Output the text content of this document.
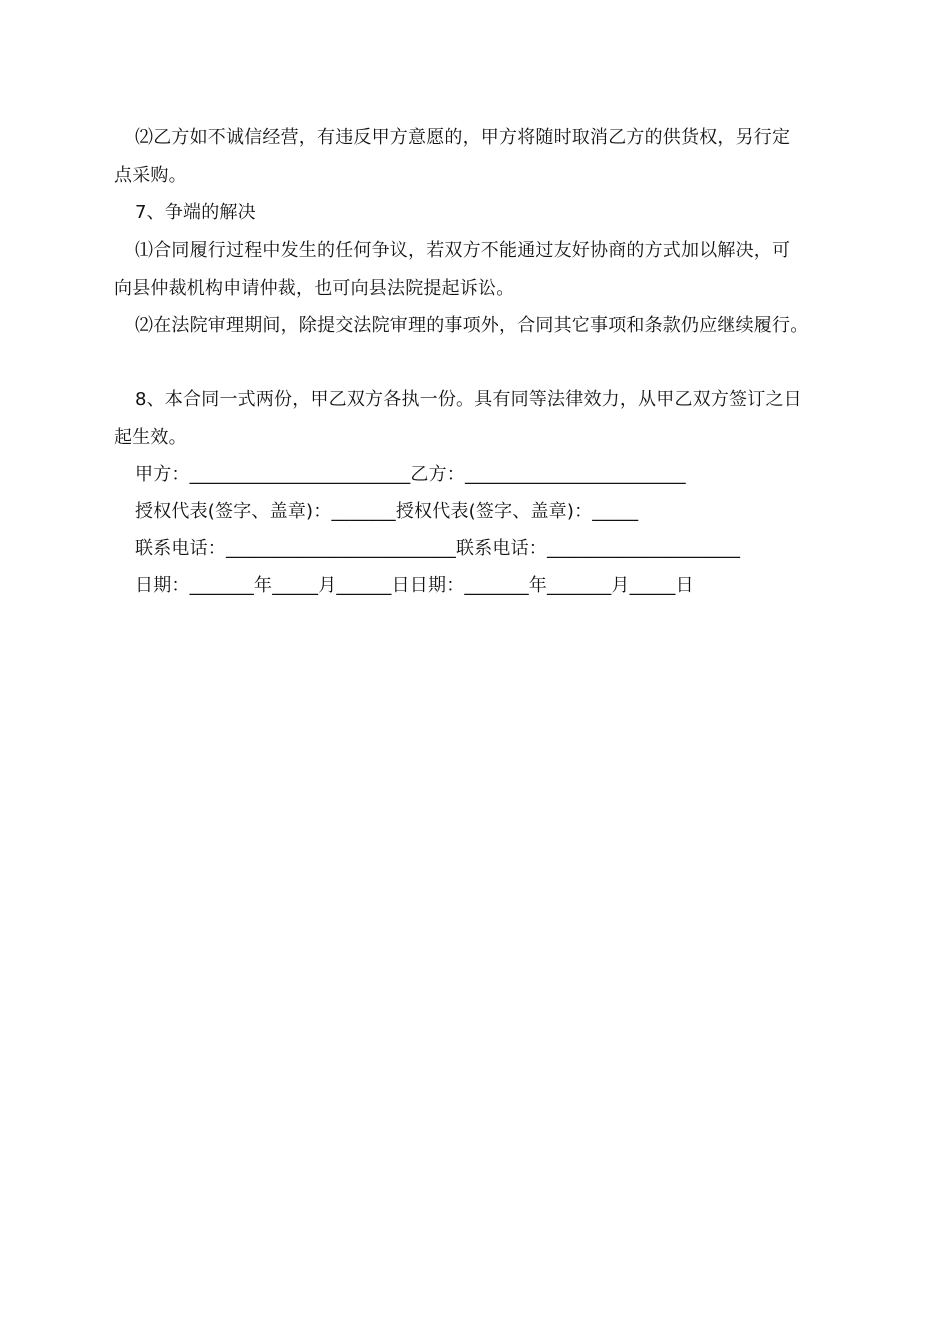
⑵乙方如不诚信经营，有违反甲方意愿的，甲方将随时取消乙方的供货权，另行定
点采购。
7、争端的解决
⑴合同履行过程中发生的任何争议，若双方不能通过友好协商的方式加以解决，可
向县仲裁机构申请仲裁，也可向县法院提起诉讼。
⑵在法院审理期间，除提交法院审理的事项外，合同其它事项和条款仍应继续履行。
8、本合同一式两份，甲乙双方各执一份。具有同等法律效力，从甲乙双方签订之日
起生效。
甲方：________________________乙方：________________________
授权代表(签字、盖章)：_______授权代表(签字、盖章)：_____
联系电话：_________________________联系电话：_____________________
日期：_______年_____月______日日期：_______年_______月_____日
